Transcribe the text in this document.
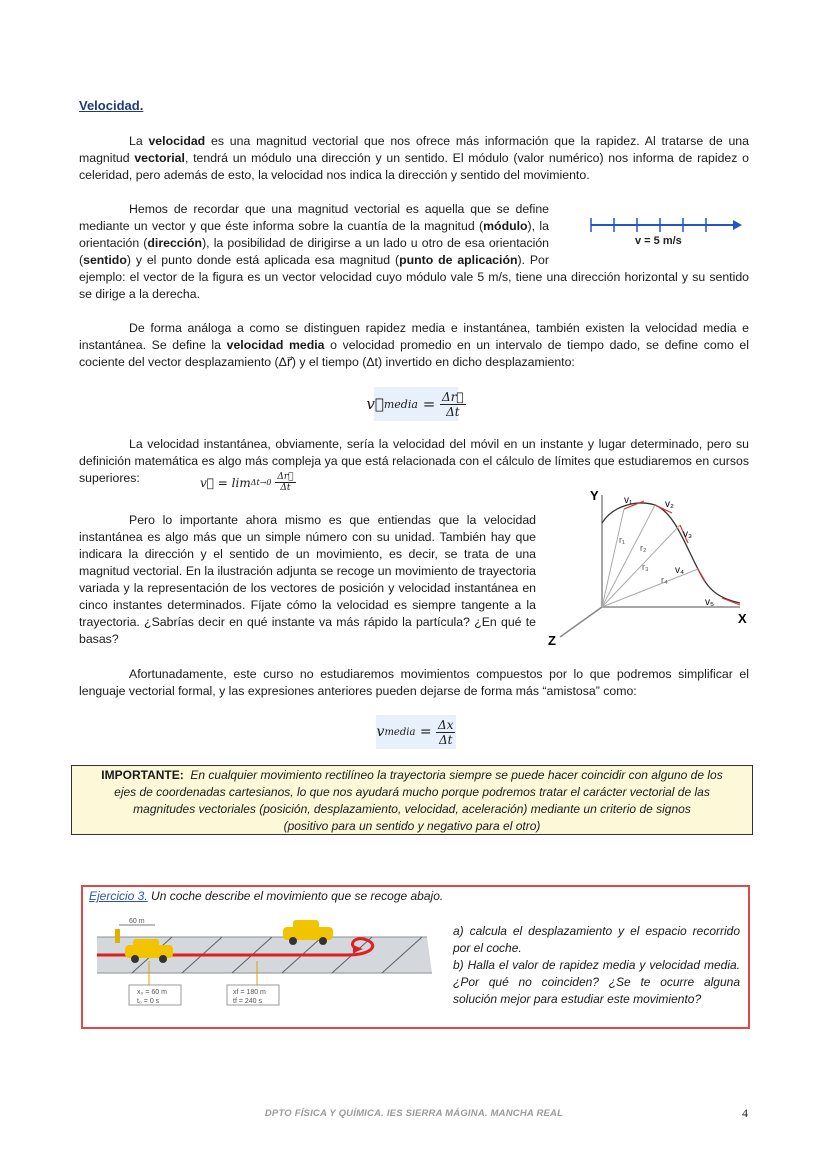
Velocidad.
La velocidad es una magnitud vectorial que nos ofrece más información que la rapidez. Al tratarse de una magnitud vectorial, tendrá un módulo una dirección y un sentido. El módulo (valor numérico) nos informa de rapidez o celeridad, pero además de esto, la velocidad nos indica la dirección y sentido del movimiento.
Hemos de recordar que una magnitud vectorial es aquella que se define mediante un vector y que éste informa sobre la cuantía de la magnitud (módulo), la orientación (dirección), la posibilidad de dirigirse a un lado u otro de esa orientación (sentido) y el punto donde está aplicada esa magnitud (punto de aplicación). Por ejemplo: el vector de la figura es un vector velocidad cuyo módulo vale 5 m/s, tiene una dirección horizontal y su sentido se dirige a la derecha.
v = 5 m/s
De forma análoga a como se distinguen rapidez media e instantánea, también existen la velocidad media e instantánea. Se define la velocidad media o velocidad promedio en un intervalo de tiempo dado, se define como el cociente del vector desplazamiento (Δr⃗) y el tiempo (Δt) invertido en dicho desplazamiento:
v⃗ media = $\frac{\Delta r⃗}{\Delta t}$
La velocidad instantánea, obviamente, sería la velocidad del móvil en un instante y lugar determinado, pero su definición matemática es algo más compleja ya que está relacionada con el cálculo de límites que estudiaremos en cursos superiores:	v⃗ = lim Δt→0
$\frac{\Delta r⃗}{\Delta t}$
Pero lo importante ahora mismo es que entiendas que la velocidad instantánea es algo más que un simple número con su unidad. También hay que indicara la dirección y el sentido de un movimiento, es decir, se trata de una magnitud vectorial. En la ilustración adjunta se recoge un movimiento de trayectoria variada y la representación de los vectores de posición y velocidad instantánea en cinco instantes determinados. Fíjate cómo la velocidad es siempre tangente a la trayectoria. ¿Sabrías decir en qué instante va más rápido la partícula? ¿En qué te basas?
Y
X
Z
v₁	v₂
v₃
v₄
v₅
r₁
r₂
r₃
r₄
Afortunadamente, este curso no estudiaremos movimientos compuestos por lo que podremos simplificar el lenguaje vectorial formal, y las expresiones anteriores pueden dejarse de forma más “amistosa” como:
v media = $\frac{\Delta x}{\Delta t}$
IMPORTANTE: En cualquier movimiento rectilíneo la trayectoria siempre se puede hacer coincidir con alguno de los
ejes de coordenadas cartesianos, lo que nos ayudará mucho porque podremos tratar el carácter vectorial de las
magnitudes vectoriales (posición, desplazamiento, velocidad, aceleración) mediante un criterio de signos
(positivo para un sentido y negativo para el otro)
Ejercicio 3. Un coche describe el movimiento que se recoge abajo.
60 m
x₀ = 60 m
t₀ = 0 s
xf = 180 m
tf = 240 s
a) calcula el desplazamiento y el espacio recorrido por el coche.
b) Halla el valor de rapidez media y velocidad media. ¿Por qué no coinciden? ¿Se te ocurre alguna solución mejor para estudiar este movimiento?
DPTO FÍSICA Y QUÍMICA. IES SIERRA MÁGINA. MANCHA REAL	4
